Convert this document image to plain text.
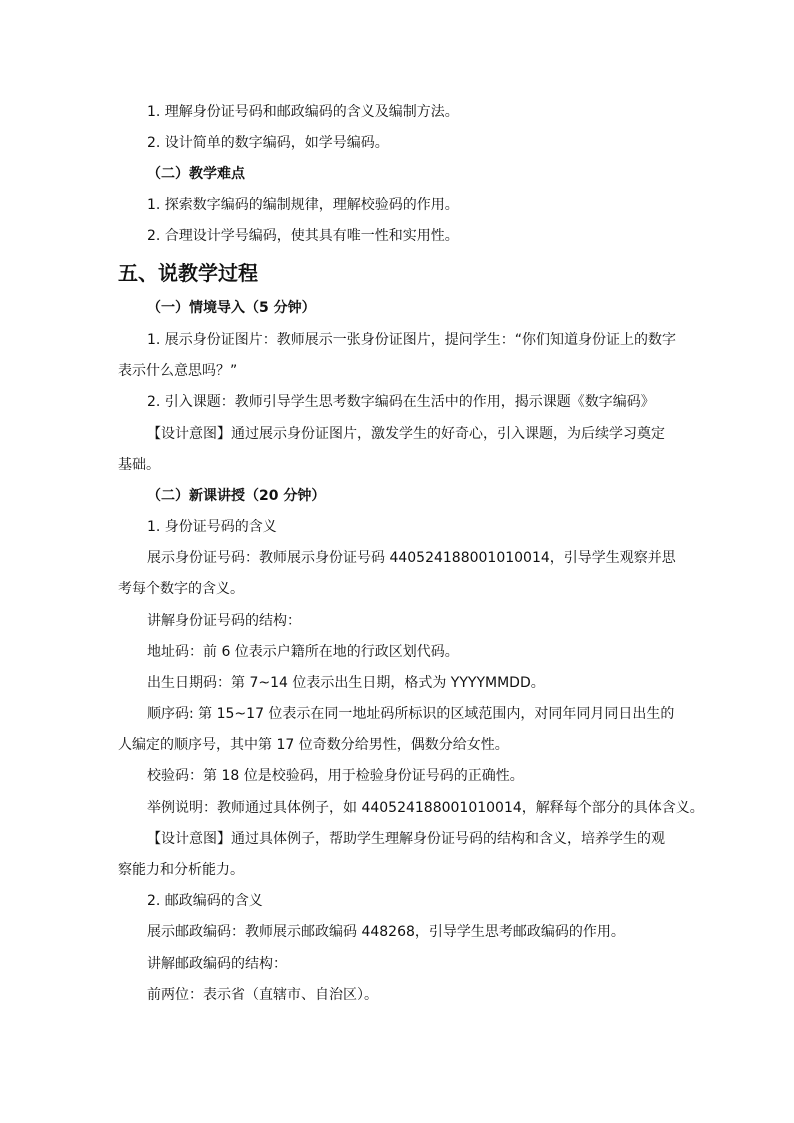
1. 理解身份证号码和邮政编码的含义及编制方法。

2. 设计简单的数字编码，如学号编码。

（二）教学难点

1. 探索数字编码的编制规律，理解校验码的作用。

2. 合理设计学号编码，使其具有唯一性和实用性。

五、说教学过程

（一）情境导入（5 分钟）

1. 展示身份证图片：教师展示一张身份证图片，提问学生：“你们知道身份证上的数字表示什么意思吗？”

2. 引入课题：教师引导学生思考数字编码在生活中的作用，揭示课题《数字编码》

【设计意图】通过展示身份证图片，激发学生的好奇心，引入课题，为后续学习奠定基础。

（二）新课讲授（20 分钟）

1. 身份证号码的含义

展示身份证号码：教师展示身份证号码 440524188001010014，引导学生观察并思考每个数字的含义。

讲解身份证号码的结构：

地址码：前 6 位表示户籍所在地的行政区划代码。

出生日期码：第 7~14 位表示出生日期，格式为 YYYYMMDD。

顺序码: 第 15~17 位表示在同一地址码所标识的区域范围内，对同年同月同日出生的人编定的顺序号，其中第 17 位奇数分给男性，偶数分给女性。

校验码：第 18 位是校验码，用于检验身份证号码的正确性。

举例说明：教师通过具体例子，如 440524188001010014，解释每个部分的具体含义。

【设计意图】通过具体例子，帮助学生理解身份证号码的结构和含义，培养学生的观察能力和分析能力。

2. 邮政编码的含义

展示邮政编码：教师展示邮政编码 448268，引导学生思考邮政编码的作用。

讲解邮政编码的结构：

前两位：表示省（直辖市、自治区）。
